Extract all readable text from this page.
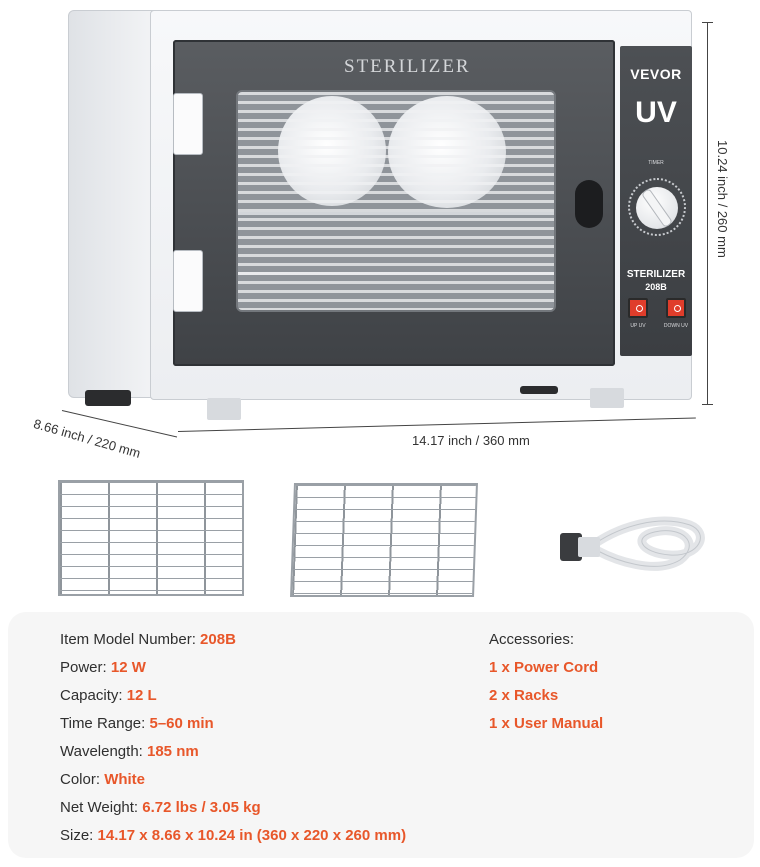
STERILIZER	VEVOR
UV
TIMER
STERILIZER
208B
UP UV	DOWN UV
10.24 inch / 260 mm
14.17 inch / 360 mm
8.66 inch / 220 mm
Item Model Number: 208B
Power: 12 W
Capacity: 12 L
Time Range: 5–60 min
Wavelength: 185 nm
Color: White
Net Weight: 6.72 lbs / 3.05 kg
Size: 14.17 x 8.66 x 10.24 in (360 x 220 x 260 mm)
Accessories:
1 x Power Cord
2 x Racks
1 x User Manual
